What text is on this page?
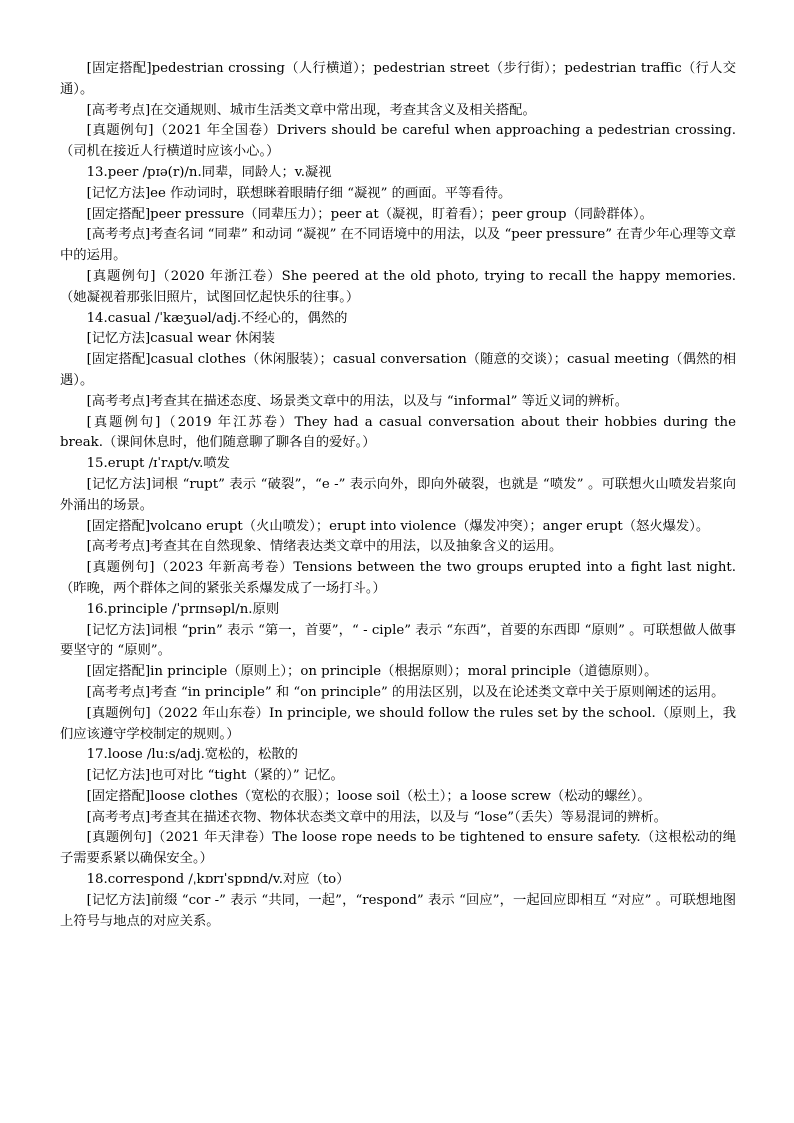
[固定搭配]pedestrian crossing（人行横道）；pedestrian street（步行街）；pedestrian traffic（行人交通）。

[高考考点]在交通规则、城市生活类文章中常出现，考查其含义及相关搭配。

[真题例句]（2021 年全国卷）Drivers should be careful when approaching a pedestrian crossing.（司机在接近人行横道时应该小心。）

13.peer /pɪə(r)/n.同辈，同龄人；v.凝视

[记忆方法]ee 作动词时，联想眯着眼睛仔细 “凝视” 的画面。平等看待。

[固定搭配]peer pressure（同辈压力）；peer at（凝视，盯着看）；peer group（同龄群体）。

[高考考点]考查名词 “同辈” 和动词 “凝视” 在不同语境中的用法，以及 “peer pressure” 在青少年心理等文章中的运用。

[真题例句]（2020 年浙江卷）She peered at the old photo, trying to recall the happy memories.（她凝视着那张旧照片，试图回忆起快乐的往事。）

14.casual /ˈkæʒuəl/adj.不经心的，偶然的

[记忆方法]casual wear 休闲装

[固定搭配]casual clothes（休闲服装）；casual conversation（随意的交谈）；casual meeting（偶然的相遇）。

[高考考点]考查其在描述态度、场景类文章中的用法，以及与 “informal” 等近义词的辨析。

[真题例句]（2019 年江苏卷）They had a casual conversation about their hobbies during the break.（课间休息时，他们随意聊了聊各自的爱好。）

15.erupt /ɪˈrʌpt/v.喷发

[记忆方法]词根 “rupt” 表示 “破裂”，“e -” 表示向外，即向外破裂，也就是 “喷发” 。可联想火山喷发岩浆向外涌出的场景。

[固定搭配]volcano erupt（火山喷发）；erupt into violence（爆发冲突）；anger erupt（怒火爆发）。

[高考考点]考查其在自然现象、情绪表达类文章中的用法，以及抽象含义的运用。

[真题例句]（2023 年新高考卷）Tensions between the two groups erupted into a fight last night.（昨晚，两个群体之间的紧张关系爆发成了一场打斗。）

16.principle /ˈprɪnsəpl/n.原则

[记忆方法]词根 “prin” 表示 “第一，首要”，“ - ciple” 表示 “东西”，首要的东西即 “原则” 。可联想做人做事要坚守的 “原则”。

[固定搭配]in principle（原则上）；on principle（根据原则）；moral principle（道德原则）。

[高考考点]考查 “in principle” 和 “on principle” 的用法区别，以及在论述类文章中关于原则阐述的运用。

[真题例句]（2022 年山东卷）In principle, we should follow the rules set by the school.（原则上，我们应该遵守学校制定的规则。）

17.loose /luːs/adj.宽松的，松散的

[记忆方法]也可对比 “tight（紧的）” 记忆。

[固定搭配]loose clothes（宽松的衣服）；loose soil（松土）；a loose screw（松动的螺丝）。

[高考考点]考查其在描述衣物、物体状态类文章中的用法，以及与 “lose”（丢失）等易混词的辨析。

[真题例句]（2021 年天津卷）The loose rope needs to be tightened to ensure safety.（这根松动的绳子需要系紧以确保安全。）

18.correspond /ˌkɒrɪˈspɒnd/v.对应（to）

[记忆方法]前缀 “cor -” 表示 “共同，一起”，“respond” 表示 “回应”，一起回应即相互 “对应” 。可联想地图上符号与地点的对应关系。
